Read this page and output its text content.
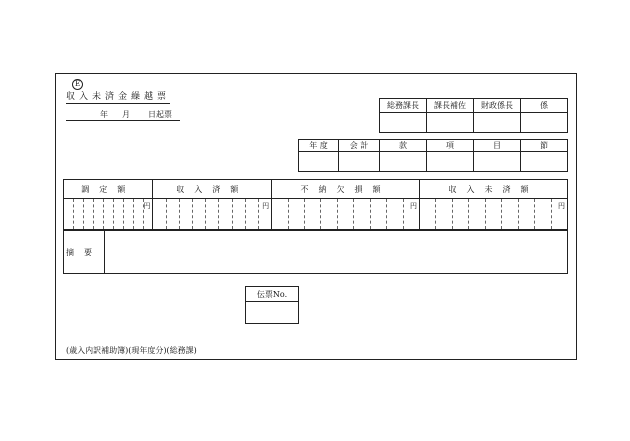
E
収入未済金繰越票
年 月 日起票
総務課長	課長補佐	財政係長	係

年 度	会 計	款	項	目	節

調定額	収入済額	不納欠損額	収入未済額

円	円	円	円
摘要	
伝票No.

(歳入内訳補助簿)(現年度分)(総務課)
